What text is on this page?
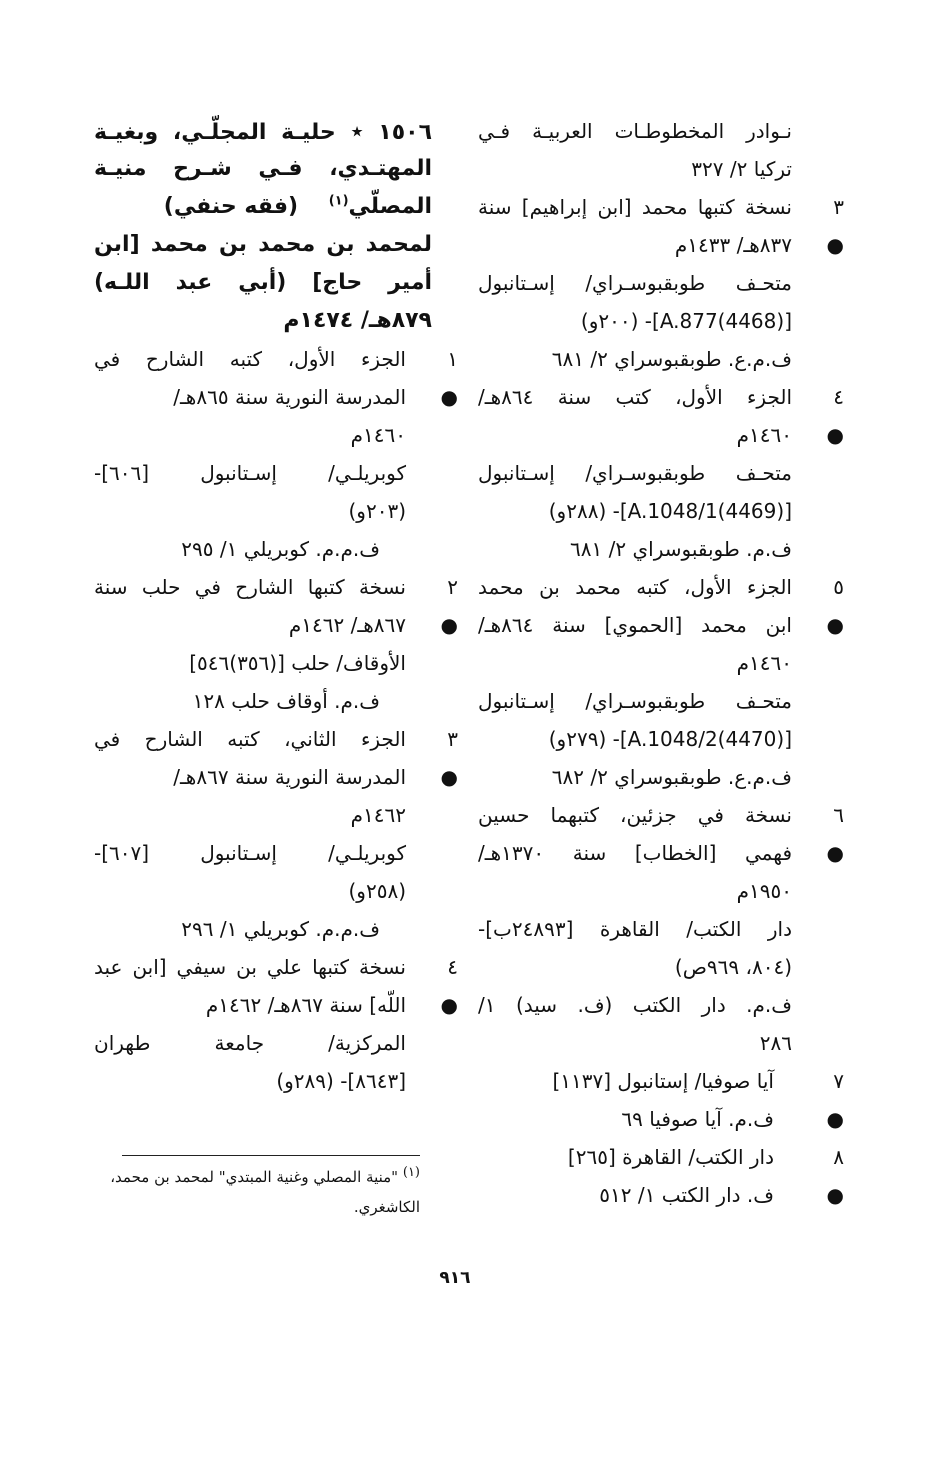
نـوادر المخطوطـات العربيـة فـي
تركيا ٢/ ٣٢٧
٣ ●
نسخة كتبها محمد [ابن إبراهيم] سنة
٨٣٧هـ/ ١٤٣٣م
متحـف طوبقبوسـراي/ إسـتانبول
[A.877(4468)]- (٢٠٠و)
ف.م.ع. طوبقبوسراي ٢/ ٦٨١
٤ ●
الجزء الأول، كتب سنة ٨٦٤هـ/
١٤٦٠م
متحـف طوبقبوسـراي/ إسـتانبول
[A.1048/1(4469)]- (٢٨٨و)
ف.م. طوبقبوسراي ٢/ ٦٨١
٥ ●
الجزء الأول، كتبه محمد بن محمد
ابن محمد [الحموي] سنة ٨٦٤هـ/
١٤٦٠م
متحـف طوبقبوسـراي/ إسـتانبول
[A.1048/2(4470)]- (٢٧٩و)
ف.م.ع. طوبقبوسراي ٢/ ٦٨٢
٦ ●
نسخة في جزئين، كتبهما حسين
فهمي [الخطاب] سنة ١٣٧٠هـ/
١٩٥٠م
دار الكتب/ القاهرة [٢٤٨٩٣ب]-
(٨٠٤، ٩٦٩ص)
ف.م. دار الكتب (ف. سيد) ١/
٢٨٦
٧ ●
آيا صوفيا/ إستانبول [١١٣٧]
ف.م. آيا صوفيا ٦٩
٨ ●
دار الكتب/ القاهرة [٢٦٥]
ف. دار الكتب ١/ ٥١٢
١٥٠٦ ٭ حليـة المجلّـي، وبغيـة
المهتـدي، فـي شـرح منيـة
المصلّي$^{(١)}$    (فقه حنفي)
لمحمد بن محمد بن محمد [ابن
أمير حاج] (أبي عبد اللـه)
٨٧٩هـ/ ١٤٧٤م
١ ●
الجزء الأول، كتبه الشارح في
المدرسة النورية سنة ٨٦٥هـ/
١٤٦٠م
كوبريلـي/ إسـتانبول [٦٠٦]-
(٢٠٣و)
ف.م.م. كوبريلي ١/ ٢٩٥
٢ ●
نسخة كتبها الشارح في حلب سنة
٨٦٧هـ/ ١٤٦٢م
الأوقاف/ حلب [(٣٥٦)٥٤٦]
ف.م. أوقاف حلب ١٢٨
٣ ●
الجزء الثاني، كتبه الشارح في
المدرسة النورية سنة ٨٦٧هـ/
١٤٦٢م
كوبريلـي/ إسـتانبول [٦٠٧]-
(٢٥٨و)
ف.م.م. كوبريلي ١/ ٢٩٦
٤ ●
نسخة كتبها علي بن سيفي [ابن عبد
اللّه] سنة ٨٦٧هـ/ ١٤٦٢م
المركزية/ جامعة طهران
[٨٦٤٣]- (٢٨٩و)
(١) "منية المصلي وغنية المبتدي" لمحمد بن محمد، الكاشغري.
٩١٦
